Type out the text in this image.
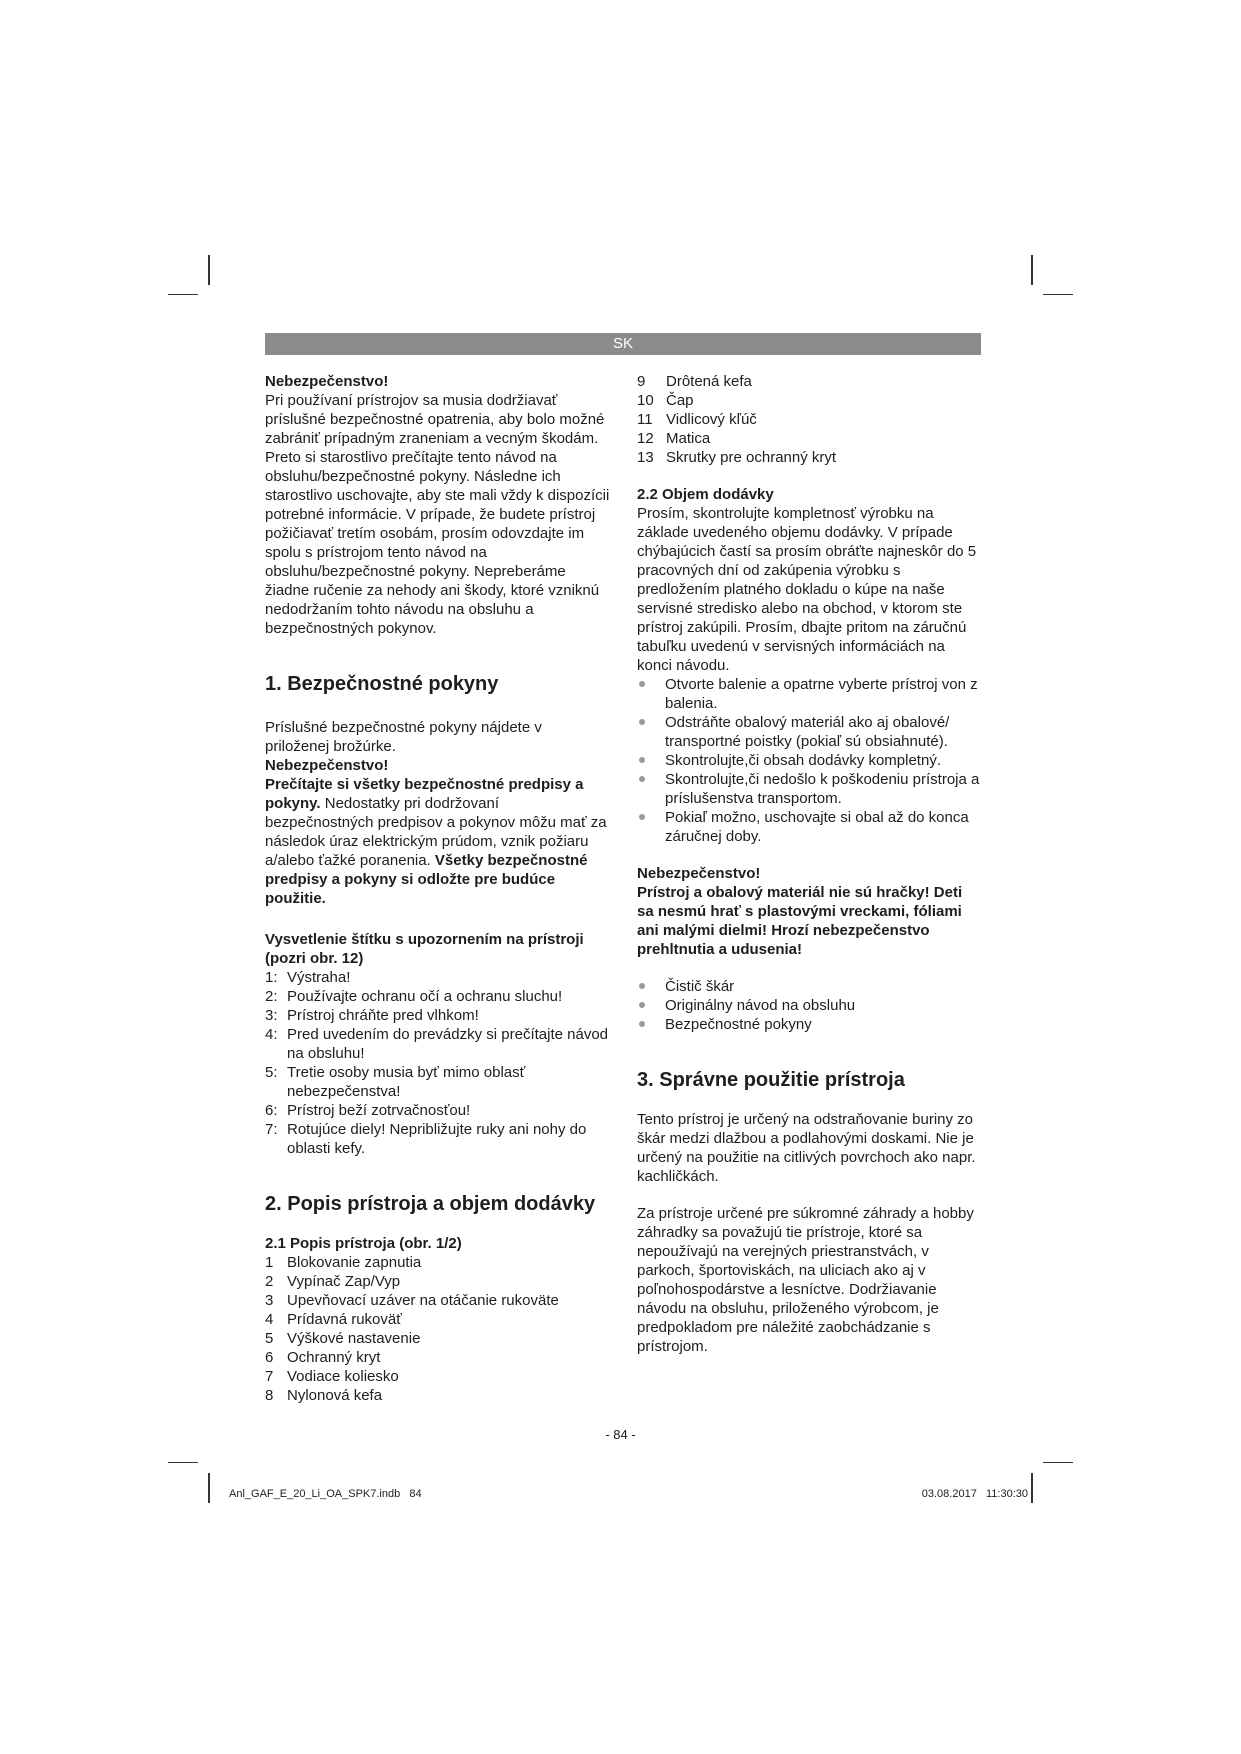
SK

Nebezpečenstvo!

Pri používaní prístrojov sa musia dodržiavať príslušné bezpečnostné opatrenia, aby bolo možné zabrániť prípadným zraneniam a vecným škodám. Preto si starostlivo prečítajte tento návod na obsluhu/bezpečnostné pokyny. Následne ich starostlivo uschovajte, aby ste mali vždy k dispozícii potrebné informácie. V prípade, že budete prístroj požičiavať tretím osobám, prosím odovzdajte im spolu s prístrojom tento návod na obsluhu/bezpečnostné pokyny. Nepreberáme žiadne ručenie za nehody ani škody, ktoré vzniknú nedodržaním tohto návodu na obsluhu a bezpečnostných pokynov.

1. Bezpečnostné pokyny

Príslušné bezpečnostné pokyny nájdete v priloženej brožúrke.

Nebezpečenstvo!

Prečítajte si všetky bezpečnostné predpisy a pokyny. Nedostatky pri dodržovaní bezpečnostných predpisov a pokynov môžu mať za následok úraz elektrickým prúdom, vznik požiaru a/alebo ťažké poranenia. Všetky bezpečnostné predpisy a pokyny si odložte pre budúce použitie.

Vysvetlenie štítku s upozornením na prístroji (pozri obr. 12)
1: Výstraha!
2: Používajte ochranu očí a ochranu sluchu!
3: Prístroj chráňte pred vlhkom!
4: Pred uvedením do prevádzky si prečítajte návod na obsluhu!
5: Tretie osoby musia byť mimo oblasť nebezpečenstva!
6: Prístroj beží zotrvačnosťou!
7: Rotujúce diely! Nepribližujte ruky ani nohy do oblasti kefy.
2. Popis prístroja a objem dodávky
2.1 Popis prístroja (obr. 1/2)
1 Blokovanie zapnutia
2 Vypínač Zap/Vyp
3 Upevňovací uzáver na otáčanie rukoväte
4 Prídavná rukoväť
5 Výškové nastavenie
6 Ochranný kryt
7 Vodiace koliesko
8 Nylonová kefa
9	Drôtená kefa
10 Čap
11 Vidlicový kľúč
12 Matica
13 Skrutky pre ochranný kryt
2.2 Objem dodávky

Prosím, skontrolujte kompletnosť výrobku na základe uvedeného objemu dodávky. V prípade chýbajúcich častí sa prosím obráťte najneskôr do 5 pracovných dní od zakúpenia výrobku s predložením platného dokladu o kúpe na naše servisné stredisko alebo na obchod, v ktorom ste prístroj zakúpili. Prosím, dbajte pritom na záručnú tabuľku uvedenú v servisných informáciách na konci návodu.

Otvorte balenie a opatrne vyberte prístroj von z balenia.
Odstráňte obalový materiál ako aj obalové/ transportné poistky (pokiaľ sú obsiahnuté).
Skontrolujte,či obsah dodávky kompletný.
Skontrolujte,či nedošlo k poškodeniu prístroja a príslušenstva transportom.
Pokiaľ možno, uschovajte si obal až do konca záručnej doby.

Nebezpečenstvo!

Prístroj a obalový materiál nie sú hračky! Deti sa nesmú hrať s plastovými vreckami, fóliami ani malými dielmi! Hrozí nebezpečenstvo prehltnutia a udusenia!

Čistič škár
Originálny návod na obsluhu
Bezpečnostné pokyny
3. Správne použitie prístroja

Tento prístroj je určený na odstraňovanie buriny zo škár medzi dlažbou a podlahovými doskami. Nie je určený na použitie na citlivých povrchoch ako napr. kachličkách.

Za prístroje určené pre súkromné záhrady a hobby záhradky sa považujú tie prístroje, ktoré sa nepoužívajú na verejných priestranstvách, v parkoch, športoviskách, na uliciach ako aj v poľnohospodárstve a lesníctve. Dodržiavanie návodu na obsluhu, priloženého výrobcom, je predpokladom pre náležité zaobchádzanie s prístrojom.

- 84 -
Anl_GAF_E_20_Li_OA_SPK7.indb   84	03.08.2017   11:30:30
